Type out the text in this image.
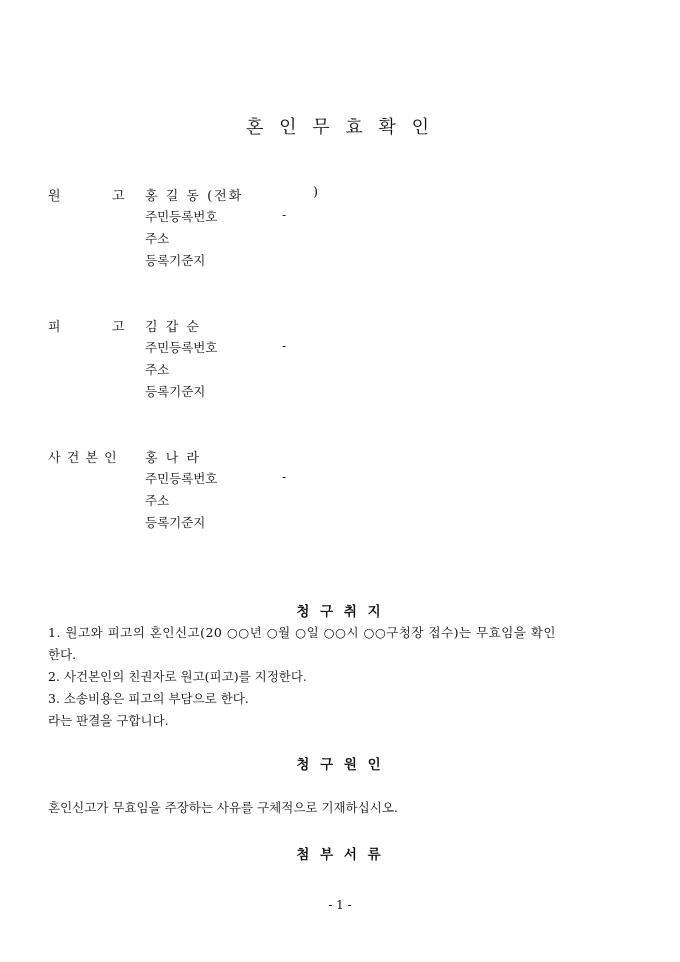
혼 인 무 효 확 인
원	고 홍 길 동 (전화	)
주민등록번호	-
주소
등록기준지
피	고 김 갑 순
주민등록번호	-
주소
등록기준지
사 건 본 인 홍 나 라
주민등록번호	-
주소
등록기준지
청 구 취 지
1. 원고와 피고의 혼인신고(20 ○○년 ○월 ○일 ○○시 ○○구청장 접수)는 무효임을 확인
한다.
2. 사건본인의 친권자로 원고(피고)를 지정한다.
3. 소송비용은 피고의 부담으로 한다.
라는 판결을 구합니다.
청 구 원 인
혼인신고가 무효임을 주장하는 사유를 구체적으로 기재하십시오.
첨 부 서 류
- 1 -
